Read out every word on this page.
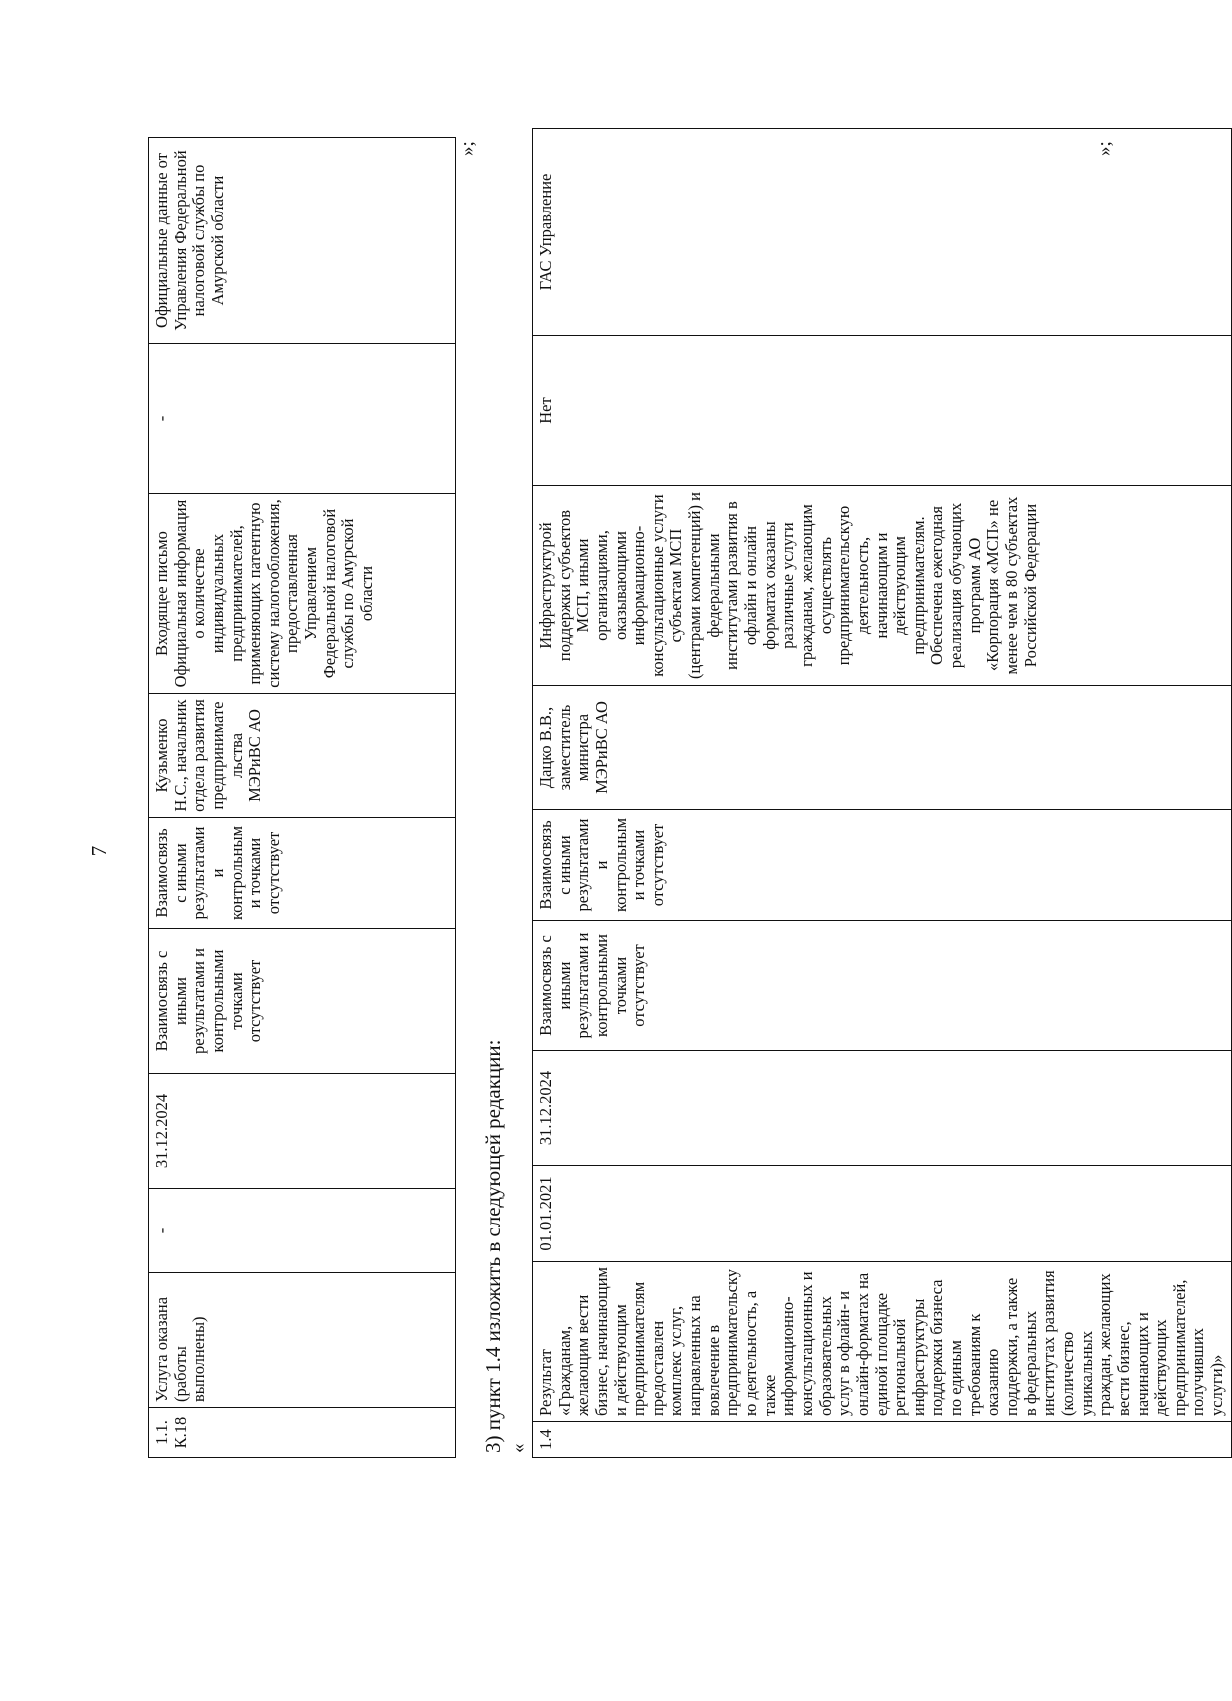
7
1.1.
К.18	Услуга оказана (работы выполнены)	-	31.12.2024	Взаимосвязь с иными результатами и контрольными точками отсутствует	Взаимосвязь с иными результатами и контрольными точками отсутствует	Кузьменко Н.С., начальник отдела развития предпринимательства МЭРиВС АО	Входящее письмо
Официальная информация о количестве индивидуальных предпринимателей, применяющих патентную систему налогообложения, предоставленная Управлением Федеральной налоговой службы по Амурской области	-	Официальные данные от Управления Федеральной налоговой службы по Амурской области
»;
3) пункт 1.4 изложить в следующей редакции: « 1.4	Результат «Гражданам, желающим вести бизнес, начинающим и действующим предпринимателям предоставлен комплекс услуг, направленных на вовлечение в предпринимательскую деятельность, а также информационно-консультационных и образовательных услуг в офлайн- и онлайн-форматах на единой площадке региональной инфраструктуры поддержки бизнеса по единым требованиям к оказанию поддержки, а также в федеральных институтах развития (количество уникальных граждан, желающих вести бизнес, начинающих и действующих предпринимателей, получивших услуги)»	01.01.2021	31.12.2024	Взаимосвязь с иными результатами и контрольными точками отсутствует	Взаимосвязь с иными результатами и контрольными точками отсутствует	Дацко В.В., заместитель министра МЭРиВС АО	Инфраструктурой поддержки субъектов МСП, иными организациями, оказывающими информационно-консультационные услуги субъектам МСП (центрами компетенций) и федеральными институтами развития в офлайн и онлайн форматах оказаны различные услуги гражданам, желающим осуществлять предпринимательскую деятельность, начинающим и действующим предпринимателям.
Обеспечена ежегодная реализация обучающих программ АО «Корпорация «МСП» не менее чем в 80 субъектах Российской Федерации	Нет	ГАС Управление
»;
